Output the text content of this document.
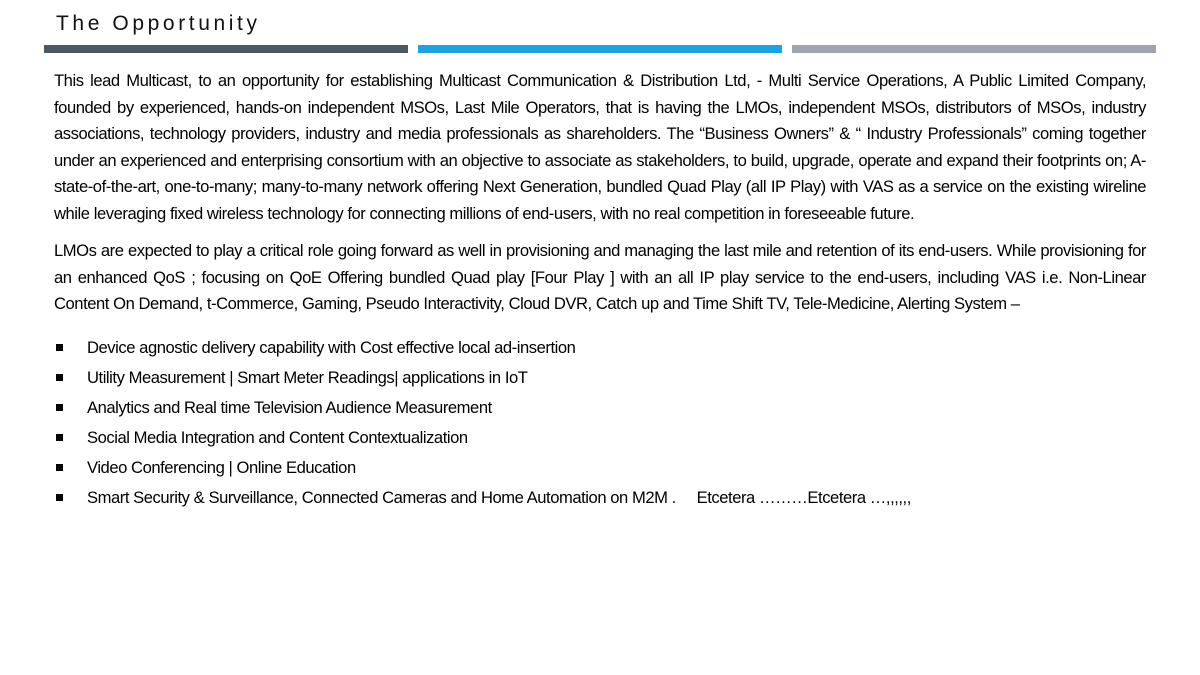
The Opportunity

This lead Multicast, to an opportunity for establishing Multicast Communication & Distribution Ltd, - Multi Service Operations, A Public Limited Company, founded by experienced, hands-on independent MSOs, Last Mile Operators, that is having the LMOs, independent MSOs, distributors of MSOs, industry associations, technology providers, industry and media professionals as shareholders. The “Business Owners” & “ Industry Professionals” coming together under an experienced and enterprising consortium with an objective to associate as stakeholders, to build, upgrade, operate and expand their footprints on; A-state-of-the-art, one-to-many; many-to-many network offering Next Generation, bundled Quad Play (all IP Play) with VAS as a service on the existing wireline while leveraging fixed wireless technology for connecting millions of end-users, with no real competition in foreseeable future.

LMOs are expected to play a critical role going forward as well in provisioning and managing the last mile and retention of its end-users. While provisioning for an enhanced QoS ; focusing on QoE Offering bundled Quad play [Four Play ] with an all IP play service to the end-users, including VAS i.e. Non-Linear Content On Demand, t-Commerce, Gaming, Pseudo Interactivity, Cloud DVR, Catch up and Time Shift TV, Tele-Medicine, Alerting System –

Device agnostic delivery capability with Cost effective local ad-insertion
Utility Measurement | Smart Meter Readings| applications in IoT
Analytics and Real time Television Audience Measurement
Social Media Integration and Content Contextualization
Video Conferencing | Online Education
Smart Security & Surveillance, Connected Cameras and Home Automation on M2M .     Etcetera ………Etcetera …,,,,,,
